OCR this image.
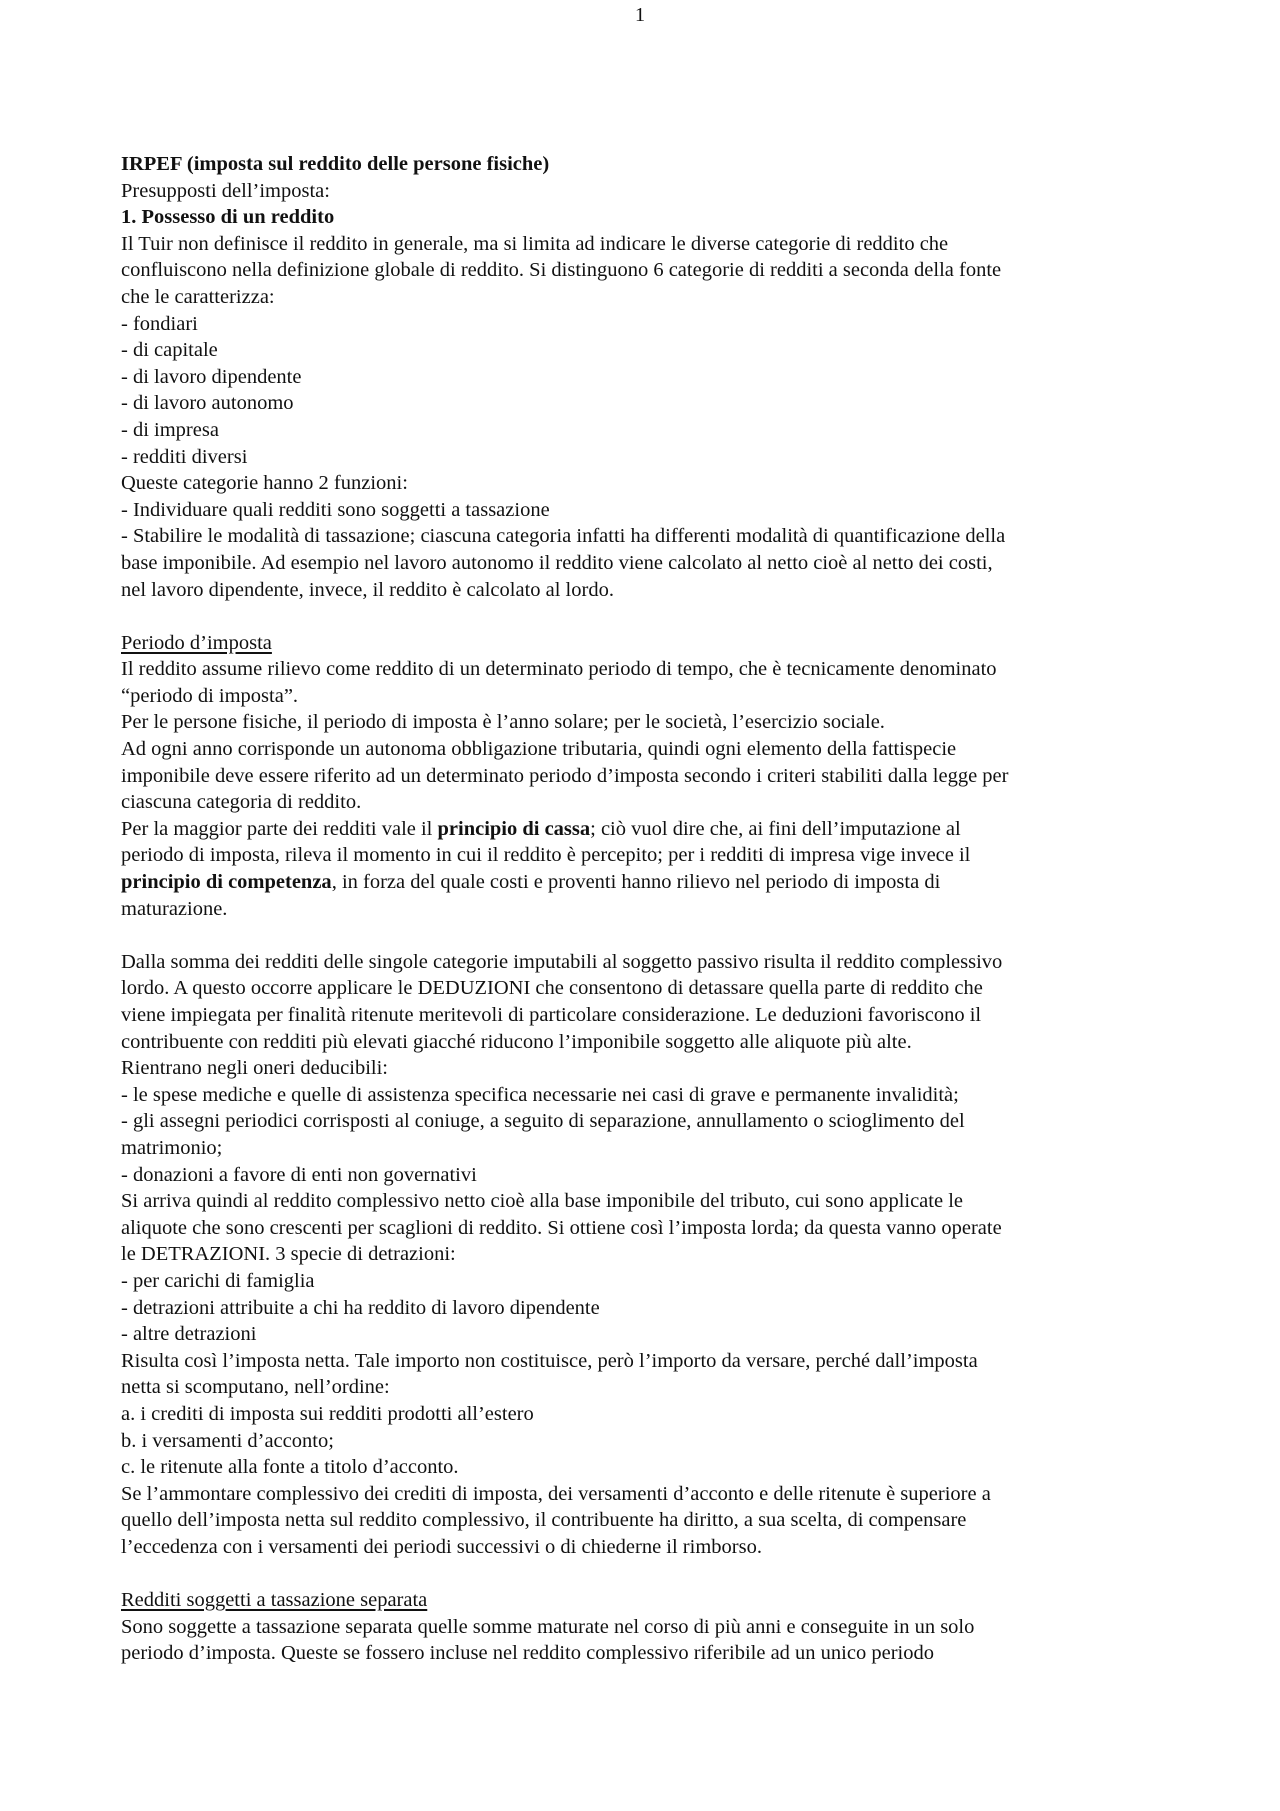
1
IRPEF (imposta sul reddito delle persone fisiche)
Presupposti dell’imposta:
1. Possesso di un reddito
Il Tuir non definisce il reddito in generale, ma si limita ad indicare le diverse categorie di reddito che
confluiscono nella definizione globale di reddito. Si distinguono 6 categorie di redditi a seconda della fonte
che le caratterizza:
- fondiari
- di capitale
- di lavoro dipendente
- di lavoro autonomo
- di impresa
- redditi diversi
Queste categorie hanno 2 funzioni:
- Individuare quali redditi sono soggetti a tassazione
- Stabilire le modalità di tassazione; ciascuna categoria infatti ha differenti modalità di quantificazione della
base imponibile. Ad esempio nel lavoro autonomo il reddito viene calcolato al netto cioè al netto dei costi,
nel lavoro dipendente, invece, il reddito è calcolato al lordo.
Periodo d’imposta
Il reddito assume rilievo come reddito di un determinato periodo di tempo, che è tecnicamente denominato
“periodo di imposta”.
Per le persone fisiche, il periodo di imposta è l’anno solare; per le società, l’esercizio sociale.
Ad ogni anno corrisponde un autonoma obbligazione tributaria, quindi ogni elemento della fattispecie
imponibile deve essere riferito ad un determinato periodo d’imposta secondo i criteri stabiliti dalla legge per
ciascuna categoria di reddito.
Per la maggior parte dei redditi vale il principio di cassa; ciò vuol dire che, ai fini dell’imputazione al
periodo di imposta, rileva il momento in cui il reddito è percepito; per i redditi di impresa vige invece il
principio di competenza, in forza del quale costi e proventi hanno rilievo nel periodo di imposta di
maturazione.
Dalla somma dei redditi delle singole categorie imputabili al soggetto passivo risulta il reddito complessivo
lordo. A questo occorre applicare le DEDUZIONI che consentono di detassare quella parte di reddito che
viene impiegata per finalità ritenute meritevoli di particolare considerazione. Le deduzioni favoriscono il
contribuente con redditi più elevati giacché riducono l’imponibile soggetto alle aliquote più alte.
Rientrano negli oneri deducibili:
- le spese mediche e quelle di assistenza specifica necessarie nei casi di grave e permanente invalidità;
- gli assegni periodici corrisposti al coniuge, a seguito di separazione, annullamento o scioglimento del
matrimonio;
- donazioni a favore di enti non governativi
Si arriva quindi al reddito complessivo netto cioè alla base imponibile del tributo, cui sono applicate le
aliquote che sono crescenti per scaglioni di reddito. Si ottiene così l’imposta lorda; da questa vanno operate
le DETRAZIONI. 3 specie di detrazioni:
- per carichi di famiglia
- detrazioni attribuite a chi ha reddito di lavoro dipendente
- altre detrazioni
Risulta così l’imposta netta. Tale importo non costituisce, però l’importo da versare, perché dall’imposta
netta si scomputano, nell’ordine:
a. i crediti di imposta sui redditi prodotti all’estero
b. i versamenti d’acconto;
c. le ritenute alla fonte a titolo d’acconto.
Se l’ammontare complessivo dei crediti di imposta, dei versamenti d’acconto e delle ritenute è superiore a
quello dell’imposta netta sul reddito complessivo, il contribuente ha diritto, a sua scelta, di compensare
l’eccedenza con i versamenti dei periodi successivi o di chiederne il rimborso.
Redditi soggetti a tassazione separata
Sono soggette a tassazione separata quelle somme maturate nel corso di più anni e conseguite in un solo
periodo d’imposta. Queste se fossero incluse nel reddito complessivo riferibile ad un unico periodo
